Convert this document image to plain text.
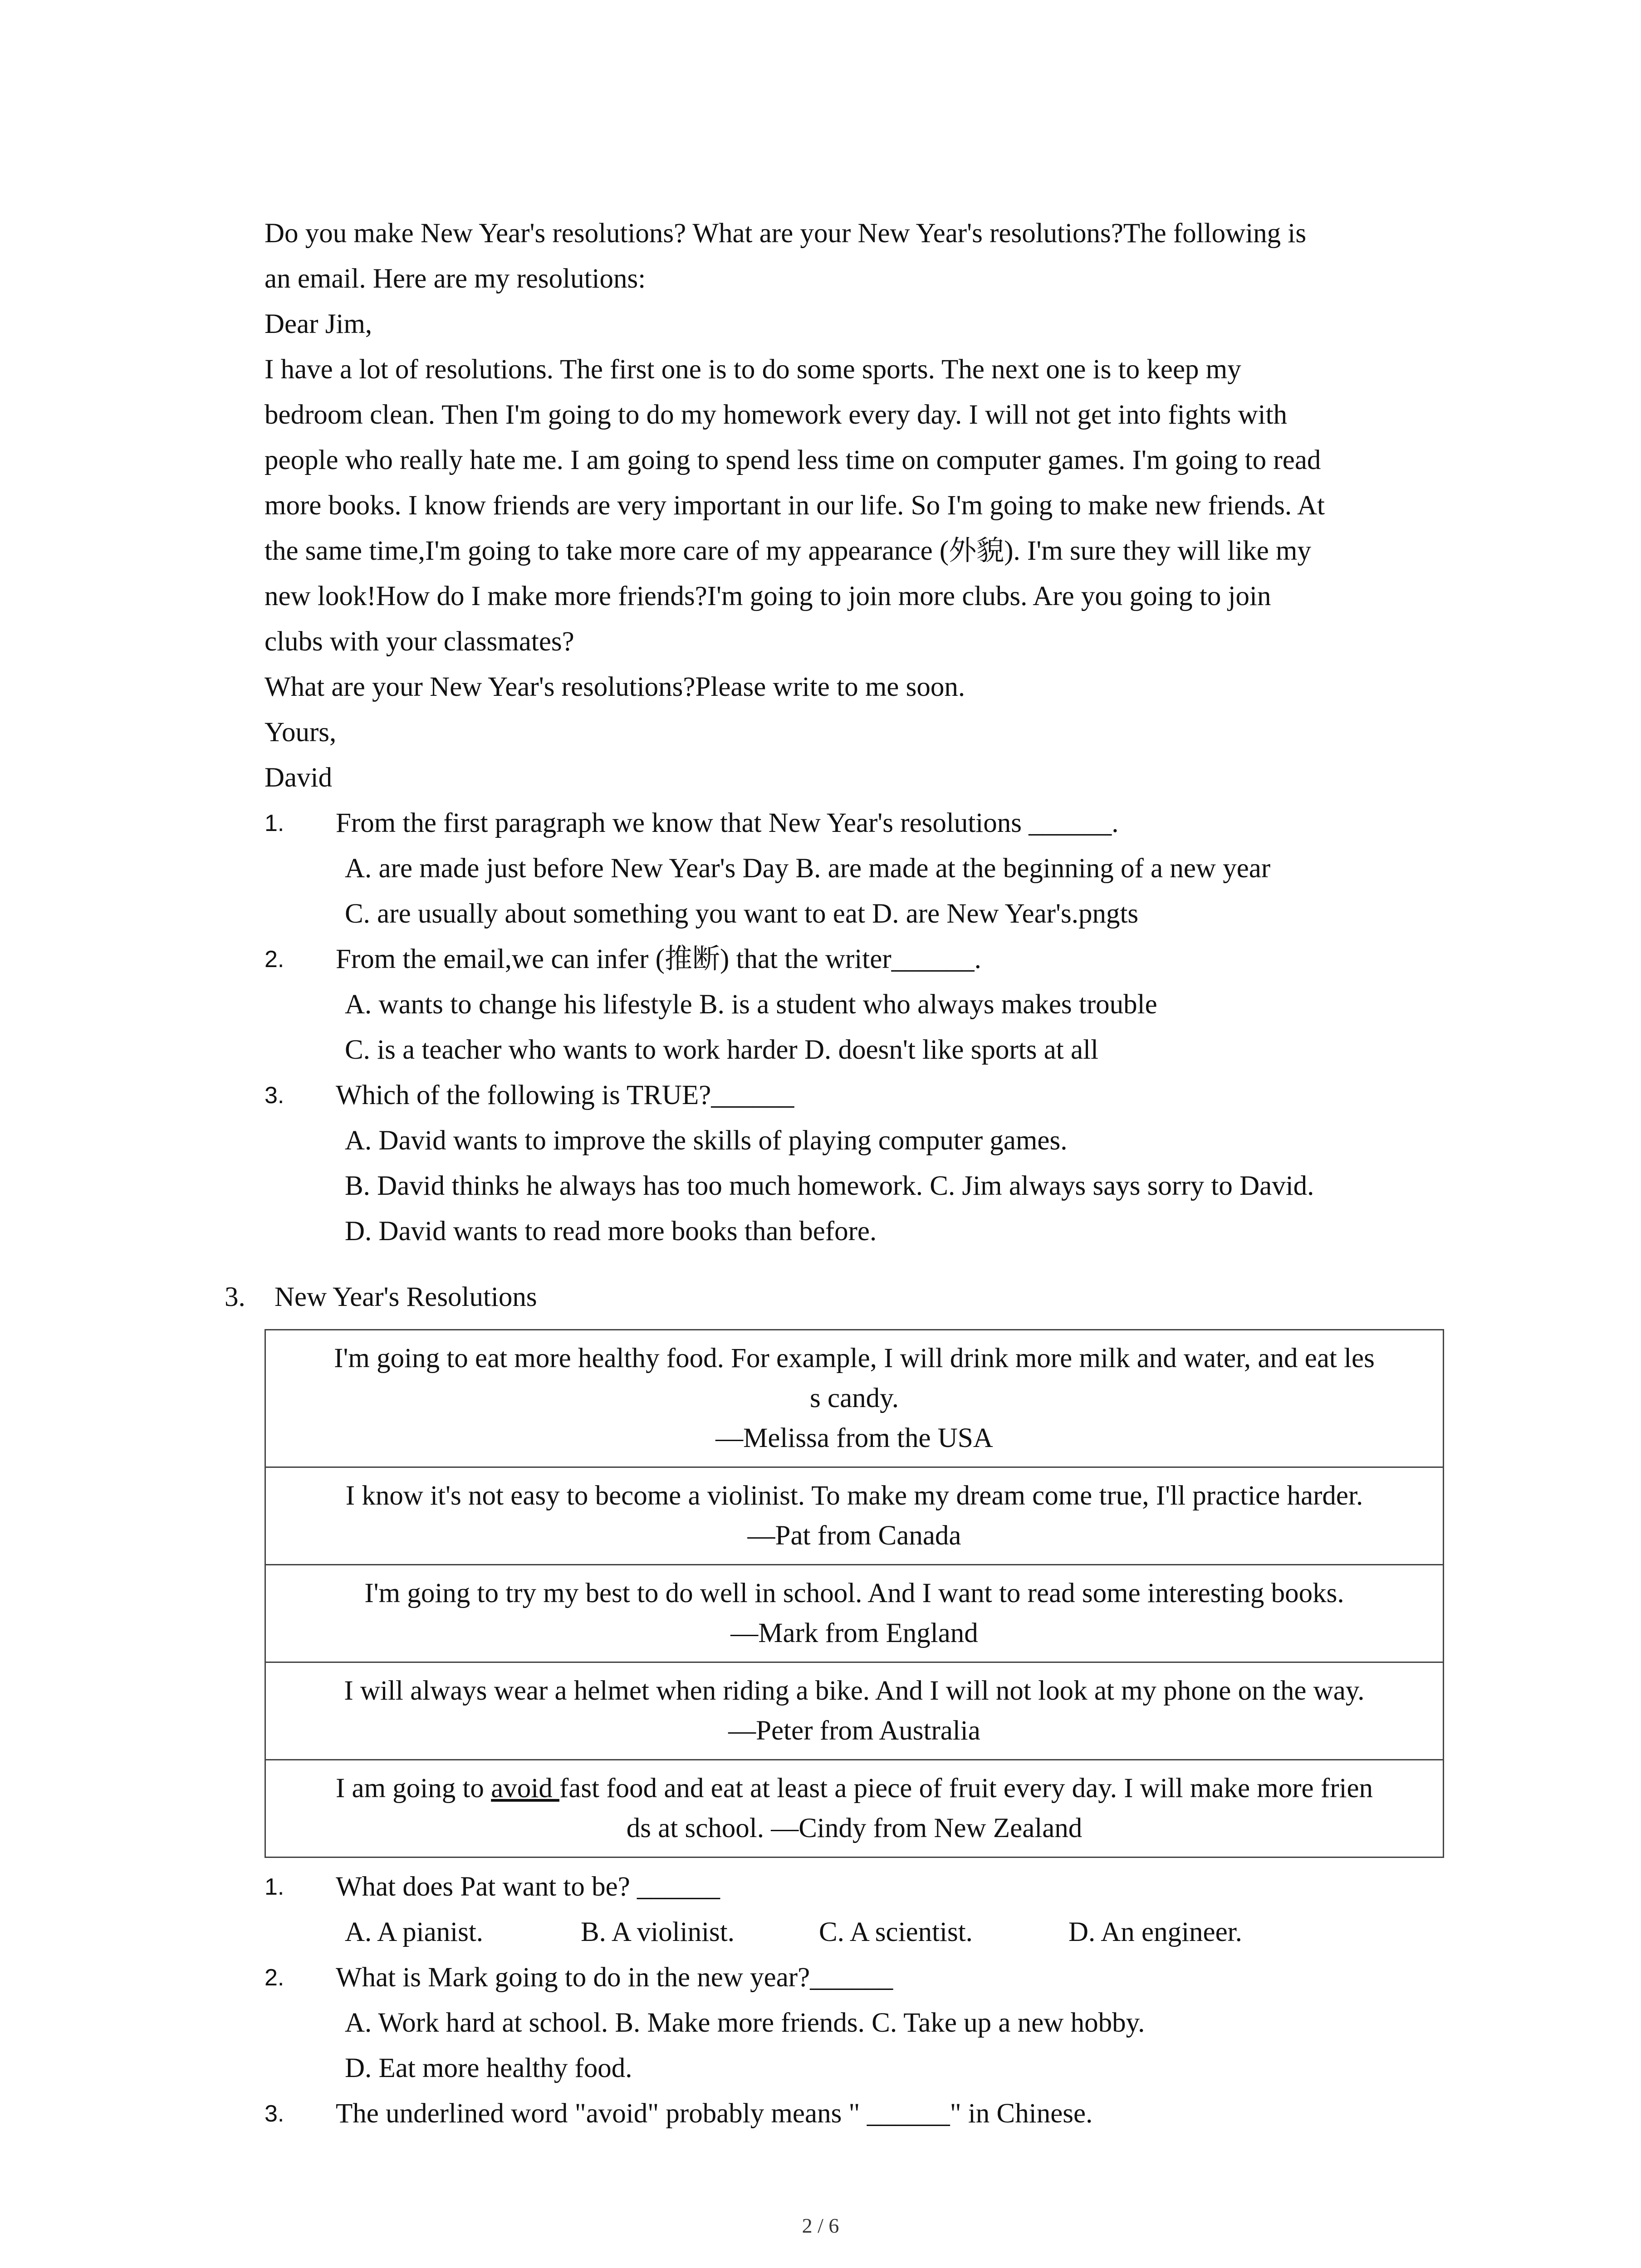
Do you make New Year's resolutions? What are your New Year's resolutions?The following is
an email. Here are my resolutions:
Dear Jim,
I have a lot of resolutions. The first one is to do some sports. The next one is to keep my
bedroom clean. Then I'm going to do my homework every day. I will not get into fights with
people who really hate me. I am going to spend less time on computer games. I'm going to read
more books. I know friends are very important in our life. So I'm going to make new friends. At
the same time,I'm going to take more care of my appearance (外貌). I'm sure they will like my
new look!How do I make more friends?I'm going to join more clubs. Are you going to join
clubs with your classmates?
What are your New Year's resolutions?Please write to me soon.
Yours,
David
1. From the first paragraph we know that New Year's resolutions ______.
A. are made just before New Year's Day B. are made at the beginning of a new year
C. are usually about something you want to eat D. are New Year's.pngts
2. From the email,we can infer (推断) that the writer______.
A. wants to change his lifestyle B. is a student who always makes trouble
C. is a teacher who wants to work harder D. doesn't like sports at all
3. Which of the following is TRUE?______
A. David wants to improve the skills of playing computer games.
B. David thinks he always has too much homework. C. Jim always says sorry to David.
D. David wants to read more books than before.
3. New Year's Resolutions
I'm going to eat more healthy food. For example, I will drink more milk and water, and eat les
s candy.
—Melissa from the USA
I know it's not easy to become a violinist. To make my dream come true, I'll practice harder.
—Pat from Canada
I'm going to try my best to do well in school. And I want to read some interesting books.
—Mark from England
I will always wear a helmet when riding a bike. And I will not look at my phone on the way.
—Peter from Australia
I am going to avoid fast food and eat at least a piece of fruit every day. I will make more frien
ds at school. —Cindy from New Zealand
1. What does Pat want to be? ______
A. A pianist.	B. A violinist.	C. A scientist.	D. An engineer.
2. What is Mark going to do in the new year?______
A. Work hard at school. B. Make more friends. C. Take up a new hobby.
D. Eat more healthy food.
3. The underlined word "avoid" probably means " ______" in Chinese.
2 / 6
